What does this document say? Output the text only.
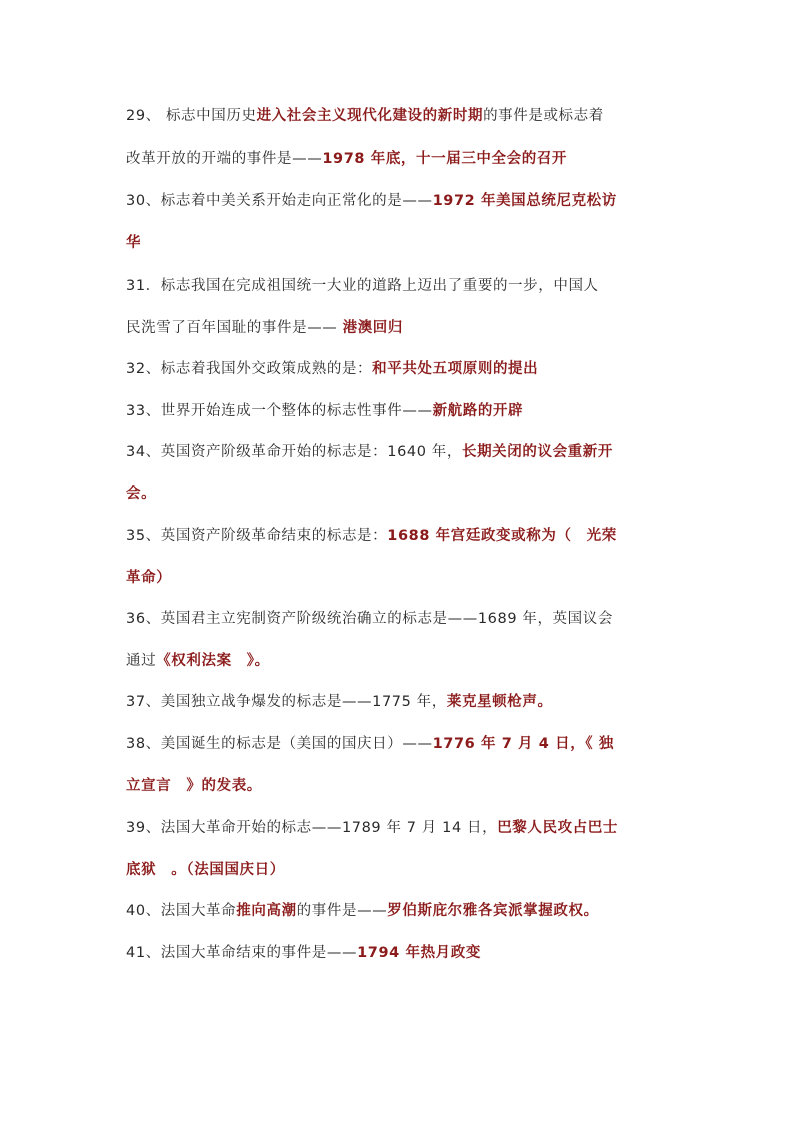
29、 标志中国历史进入社会主义现代化建设的新时期的事件是或标志着
改革开放的开端的事件是——1978 年底，十一届三中全会的召开
30、标志着中美关系开始走向正常化的是——1972 年美国总统尼克松访
华
31．标志我国在完成祖国统一大业的道路上迈出了重要的一步，中国人
民洗雪了百年国耻的事件是—— 港澳回归
32、标志着我国外交政策成熟的是：和平共处五项原则的提出
33、世界开始连成一个整体的标志性事件——新航路的开辟
34、英国资产阶级革命开始的标志是：1640 年，长期关闭的议会重新开
会。
35、英国资产阶级革命结束的标志是：1688 年宫廷政变或称为（　光荣
革命）
36、英国君主立宪制资产阶级统治确立的标志是——1689 年，英国议会
通过《权利法案　》。
37、美国独立战争爆发的标志是——1775 年，莱克星顿枪声。
38、美国诞生的标志是（美国的国庆日）——1776 年 7 月 4 日，《 独
立宣言　》的发表。
39、法国大革命开始的标志——1789 年 7 月 14 日，巴黎人民攻占巴士
底狱　。（法国国庆日）
40、法国大革命推向高潮的事件是——罗伯斯庇尔雅各宾派掌握政权。
41、法国大革命结束的事件是——1794 年热月政变
